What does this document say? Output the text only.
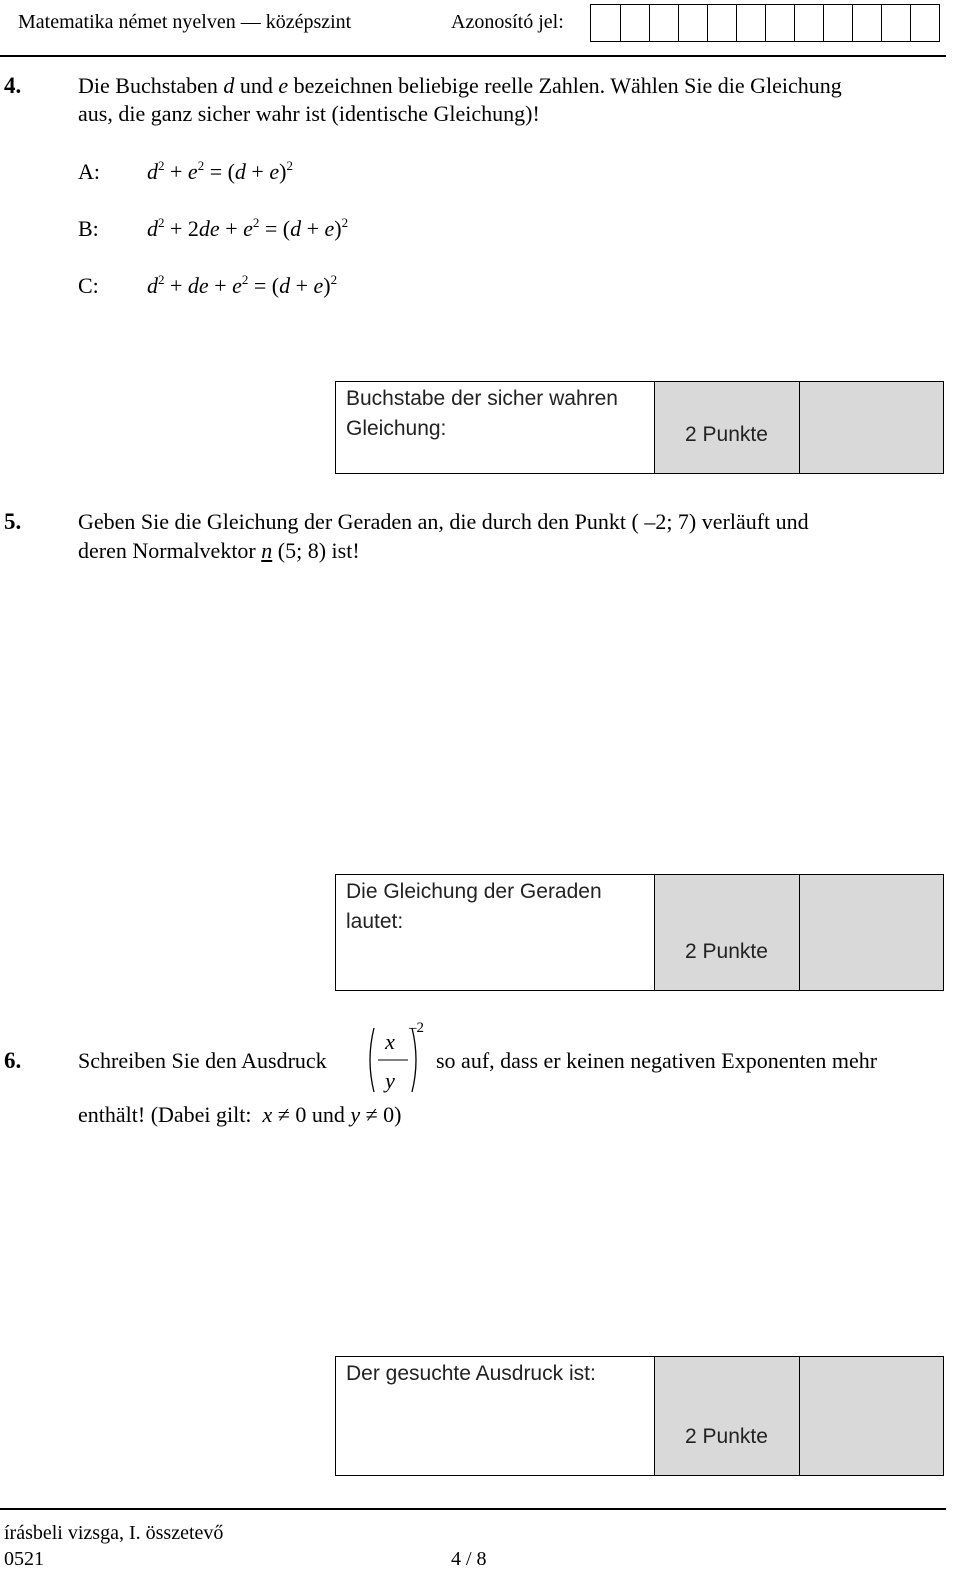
Matematika német nyelven — középszint	Azonosító jel:
4.	Die Buchstaben d und e bezeichnen beliebige reelle Zahlen. Wählen Sie die Gleichung
aus, die ganz sicher wahr ist (identische Gleichung)!
A: $d^2 + e^2 = (d + e)^2$
B: $d^2 + 2de + e^2 = (d + e)^2$
C: $d^2$ + de + $e^2 = (d + e)^2$
Buchstabe der sicher wahren Gleichung:	2 Punkte
5.	Geben Sie die Gleichung der Geraden an, die durch den Punkt ( –2; 7) verläuft und
deren Normalvektor n (5; 8) ist!
Die Gleichung der Geraden lautet:
2 Punkte
6.	Schreiben Sie den Ausdruck
x
y
–2
so auf, dass er keinen negativen Exponenten mehr
enthält! (Dabei gilt: x ≠ 0 und y ≠ 0)
Der gesuchte Ausdruck ist:
2 Punkte
írásbeli vizsga, I. összetevő
0521	4 / 8
